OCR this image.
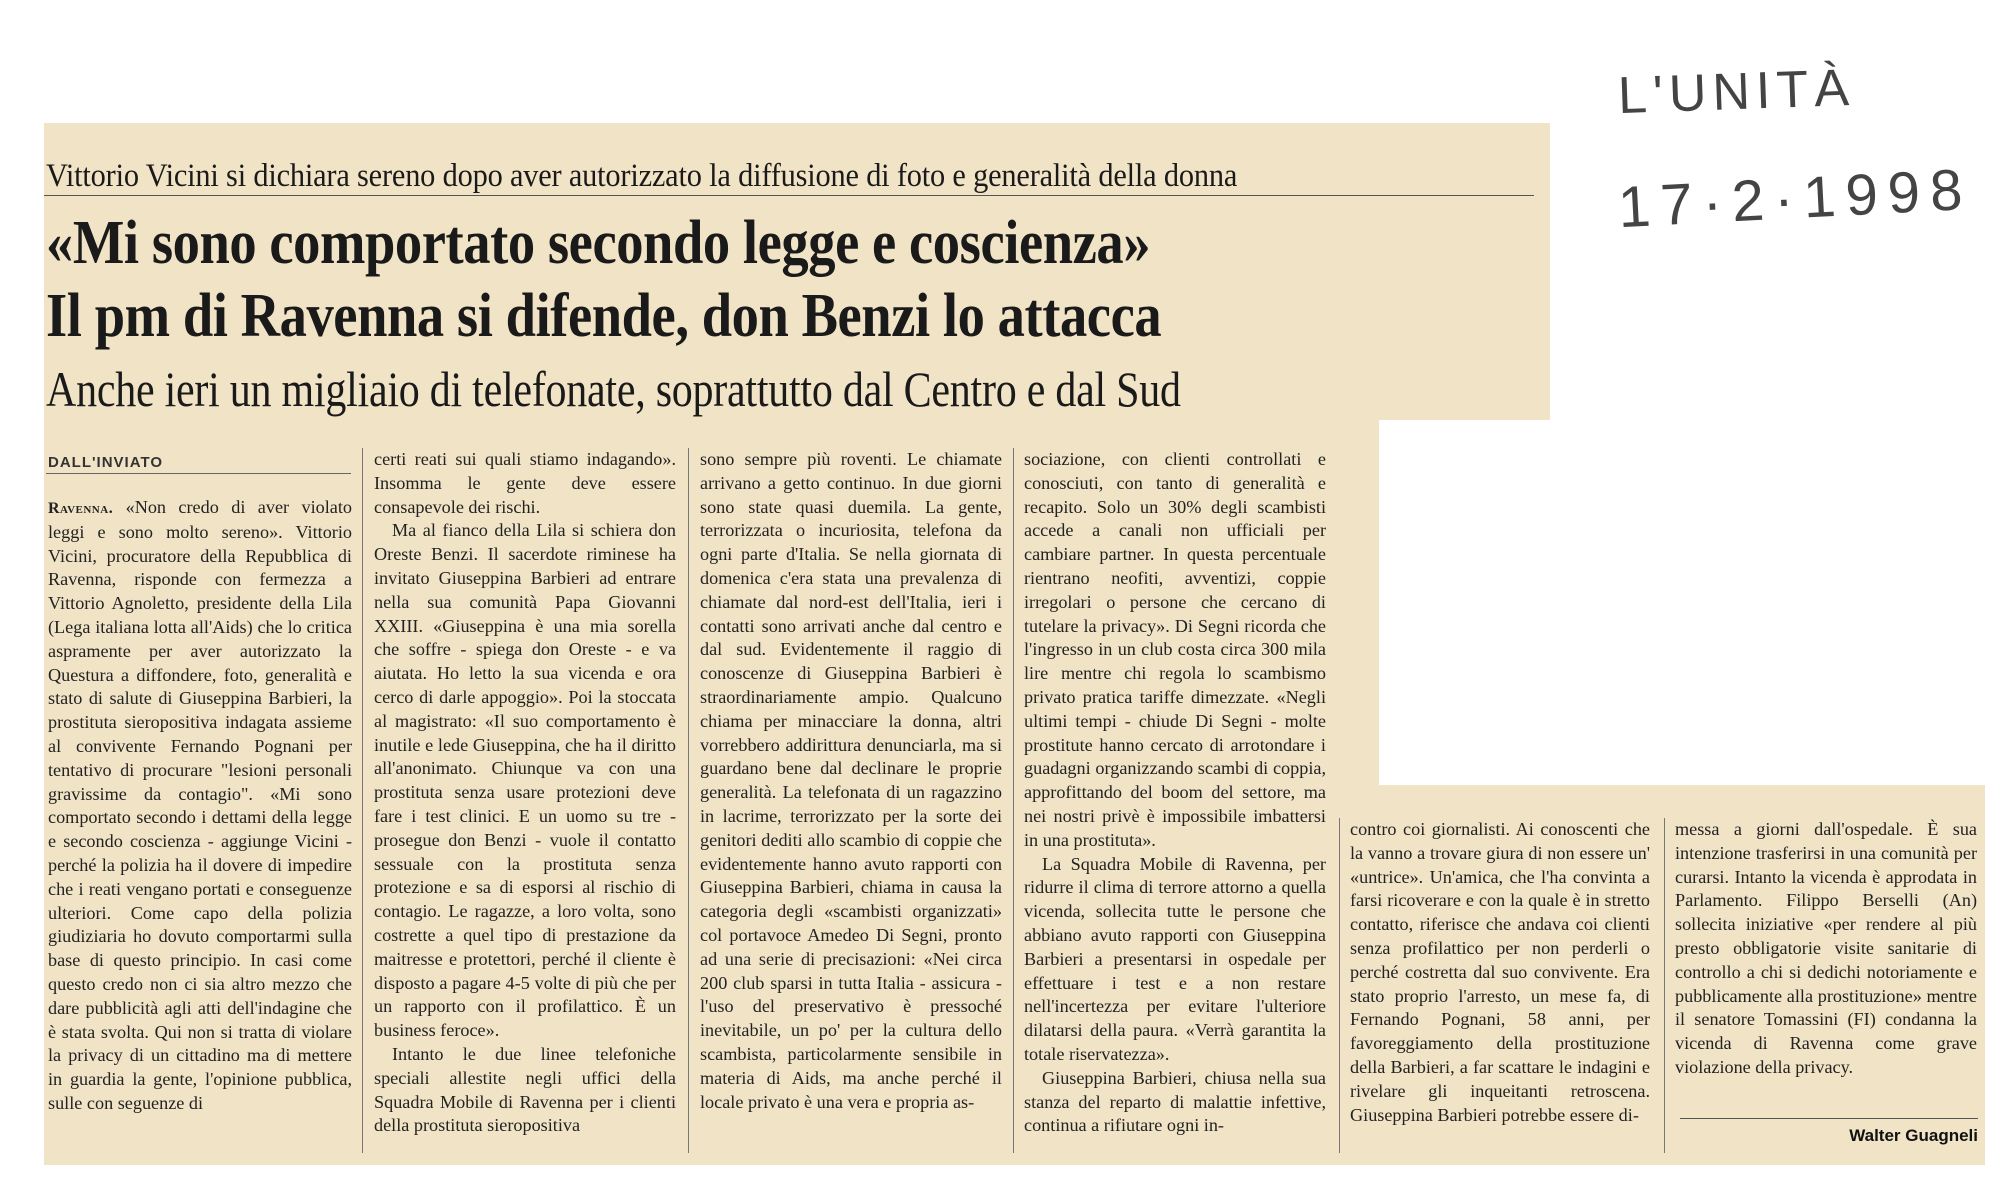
L'UNITÀ
17·2·1998
Vittorio Vicini si dichiara sereno dopo aver autorizzato la diffusione di foto e generalità della donna
«Mi sono comportato secondo legge e coscienza»
Il pm di Ravenna si difende, don Benzi lo attacca
Anche ieri un migliaio di telefonate, soprattutto dal Centro e dal Sud
DALL'INVIATO

Ravenna. «Non credo di aver violato leggi e sono molto sereno». Vittorio Vicini, procuratore della Repubblica di Ravenna, risponde con fermezza a Vittorio Agnoletto, presidente della Lila (Lega italiana lotta all'Aids) che lo critica aspramente per aver autorizzato la Questura a diffondere, foto, generalità e stato di salute di Giuseppina Barbieri, la prostituta sieropositiva indagata assieme al convivente Fernando Pognani per tentativo di procurare "lesioni personali gravissime da contagio". «Mi sono comportato secondo i dettami della legge e secondo coscienza - aggiunge Vicini - perché la polizia ha il dovere di impedire che i reati vengano portati e conseguenze ulteriori. Come capo della polizia giudiziaria ho dovuto comportarmi sulla base di questo principio. In casi come questo credo non ci sia altro mezzo che dare pubblicità agli atti dell'indagine che è stata svolta. Qui non si tratta di violare la privacy di un cittadino ma di mettere in guardia la gente, l'opinione pubblica, sulle con seguenze di

certi reati sui quali stiamo indagando». Insomma le gente deve essere consapevole dei rischi.

Ma al fianco della Lila si schiera don Oreste Benzi. Il sacerdote riminese ha invitato Giuseppina Barbieri ad entrare nella sua comunità Papa Giovanni XXIII. «Giuseppina è una mia sorella che soffre - spiega don Oreste - e va aiutata. Ho letto la sua vicenda e ora cerco di darle appoggio». Poi la stoccata al magistrato: «Il suo comportamento è inutile e lede Giuseppina, che ha il diritto all'anonimato. Chiunque va con una prostituta senza usare protezioni deve fare i test clinici. E un uomo su tre - prosegue don Benzi - vuole il contatto sessuale con la prostituta senza protezione e sa di esporsi al rischio di contagio. Le ragazze, a loro volta, sono costrette a quel tipo di prestazione da maitresse e protettori, perché il cliente è disposto a pagare 4-5 volte di più che per un rapporto con il profilattico. È un business feroce».

Intanto le due linee telefoniche speciali allestite negli uffici della Squadra Mobile di Ravenna per i clienti della prostituta sieropositiva

sono sempre più roventi. Le chiamate arrivano a getto continuo. In due giorni sono state quasi duemila. La gente, terrorizzata o incuriosita, telefona da ogni parte d'Italia. Se nella giornata di domenica c'era stata una prevalenza di chiamate dal nord-est dell'Italia, ieri i contatti sono arrivati anche dal centro e dal sud. Evidentemente il raggio di conoscenze di Giuseppina Barbieri è straordinariamente ampio. Qualcuno chiama per minacciare la donna, altri vorrebbero addirittura denunciarla, ma si guardano bene dal declinare le proprie generalità. La telefonata di un ragazzino in lacrime, terrorizzato per la sorte dei genitori dediti allo scambio di coppie che evidentemente hanno avuto rapporti con Giuseppina Barbieri, chiama in causa la categoria degli «scambisti organizzati» col portavoce Amedeo Di Segni, pronto ad una serie di precisazioni: «Nei circa 200 club sparsi in tutta Italia - assicura - l'uso del preservativo è pressoché inevitabile, un po' per la cultura dello scambista, particolarmente sensibile in materia di Aids, ma anche perché il locale privato è una vera e propria as-

sociazione, con clienti controllati e conosciuti, con tanto di generalità e recapito. Solo un 30% degli scambisti accede a canali non ufficiali per cambiare partner. In questa percentuale rientrano neofiti, avventizi, coppie irregolari o persone che cercano di tutelare la privacy». Di Segni ricorda che l'ingresso in un club costa circa 300 mila lire mentre chi regola lo scambismo privato pratica tariffe dimezzate. «Negli ultimi tempi - chiude Di Segni - molte prostitute hanno cercato di arrotondare i guadagni organizzando scambi di coppia, approfittando del boom del settore, ma nei nostri privè è impossibile imbattersi in una prostituta».

La Squadra Mobile di Ravenna, per ridurre il clima di terrore attorno a quella vicenda, sollecita tutte le persone che abbiano avuto rapporti con Giuseppina Barbieri a presentarsi in ospedale per effettuare i test e a non restare nell'incertezza per evitare l'ulteriore dilatarsi della paura. «Verrà garantita la totale riservatezza».

Giuseppina Barbieri, chiusa nella sua stanza del reparto di malattie infettive, continua a rifiutare ogni in-

contro coi giornalisti. Ai conoscenti che la vanno a trovare giura di non essere un' «untrice». Un'amica, che l'ha convinta a farsi ricoverare e con la quale è in stretto contatto, riferisce che andava coi clienti senza profilattico per non perderli o perché costretta dal suo convivente. Era stato proprio l'arresto, un mese fa, di Fernando Pognani, 58 anni, per favoreggiamento della prostituzione della Barbieri, a far scattare le indagini e rivelare gli inqueitanti retroscena. Giuseppina Barbieri potrebbe essere di-

messa a giorni dall'ospedale. È sua intenzione trasferirsi in una comunità per curarsi. Intanto la vicenda è approdata in Parlamento. Filippo Berselli (An) sollecita iniziative «per rendere al più presto obbligatorie visite sanitarie di controllo a chi si dedichi notoriamente e pubblicamente alla prostituzione» mentre il senatore Tomassini (FI) condanna la vicenda di Ravenna come grave violazione della privacy.

Walter Guagneli
